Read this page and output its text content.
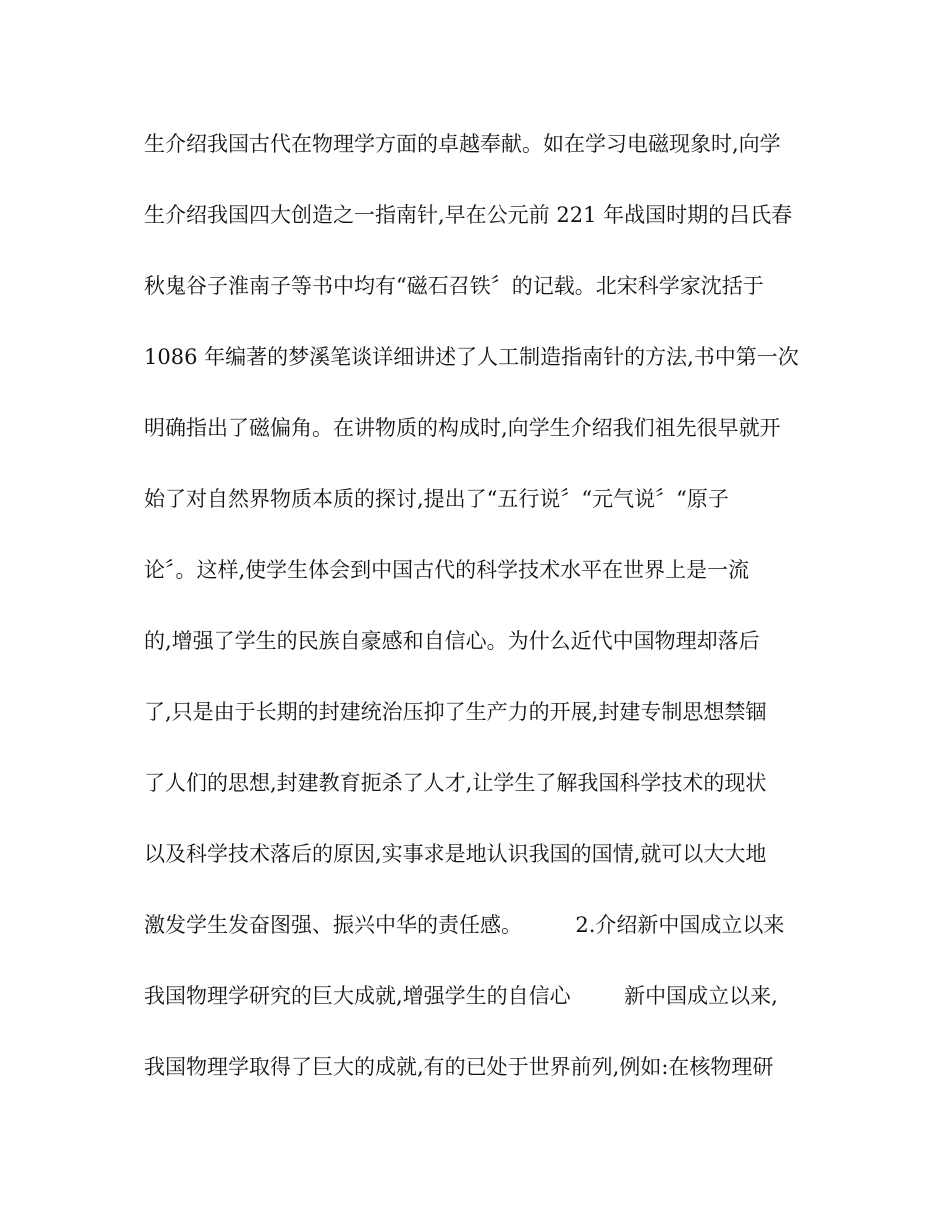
生介绍我国古代在物理学方面的卓越奉献。如在学习电磁现象时,向学
生介绍我国四大创造之一指南针,早在公元前 221 年战国时期的吕氏春
秋鬼谷子淮南子等书中均有“磁石召铁〞的记载。北宋科学家沈括于
1086 年编著的梦溪笔谈详细讲述了人工制造指南针的方法,书中第一次
明确指出了磁偏角。在讲物质的构成时,向学生介绍我们祖先很早就开
始了对自然界物质本质的探讨,提出了“五行说〞“元气说〞“原子
论〞。这样,使学生体会到中国古代的科学技术水平在世界上是一流
的,增强了学生的民族自豪感和自信心。为什么近代中国物理却落后
了,只是由于长期的封建统治压抑了生产力的开展,封建专制思想禁锢
了人们的思想,封建教育扼杀了人才,让学生了解我国科学技术的现状
以及科学技术落后的原因,实事求是地认识我国的国情,就可以大大地
激发学生发奋图强、振兴中华的责任感。        2.介绍新中国成立以来
我国物理学研究的巨大成就,增强学生的自信心        新中国成立以来,
我国物理学取得了巨大的成就,有的已处于世界前列,例如:在核物理研
